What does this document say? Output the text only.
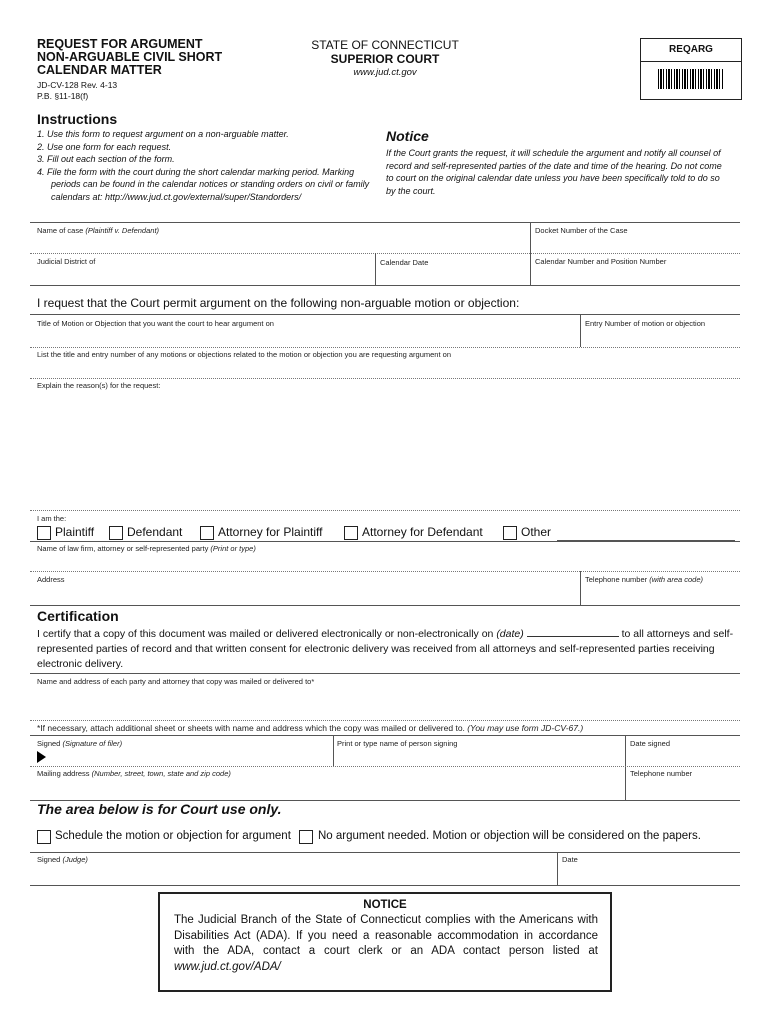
REQUEST FOR ARGUMENT
NON-ARGUABLE CIVIL SHORT
CALENDAR MATTER
JD-CV-128 Rev. 4-13
P.B. §11-18(f)
STATE OF CONNECTICUT
SUPERIOR COURT
www.jud.ct.gov
REQARG
Instructions
1. Use this form to request argument on a non-arguable matter.
2. Use one form for each request.
3. Fill out each section of the form.
4. File the form with the court during the short calendar marking period. Marking periods can be found in the calendar notices or standing orders on civil or family calendars at: http://www.jud.ct.gov/external/super/Standorders/
Notice
If the Court grants the request, it will schedule the argument and notify all counsel of record and self-represented parties of the date and time of the hearing. Do not come to court on the original calendar date unless you have been specifically told to do so by the court.
Name of case (Plaintiff v. Defendant)	Docket Number of the Case
Judicial District of	Calendar Date	Calendar Number and Position Number
I request that the Court permit argument on the following non-arguable motion or objection:
Title of Motion or Objection that you want the court to hear argument on	Entry Number of motion or objection
List the title and entry number of any motions or objections related to the motion or objection you are requesting argument on
Explain the reason(s) for the request:
I am the:
Plaintiff	Defendant	Attorney for Plaintiff	Attorney for Defendant	Other
Name of law firm, attorney or self-represented party (Print or type)
Address	Telephone number (with area code)
Certification
I certify that a copy of this document was mailed or delivered electronically or non-electronically on (date)	to all attorneys and self-represented parties of record and that written consent for electronic delivery was received from all attorneys and self-represented parties receiving electronic delivery.
Name and address of each party and attorney that copy was mailed or delivered to*
*If necessary, attach additional sheet or sheets with name and address which the copy was mailed or delivered to. (You may use form JD-CV-67.)
Signed (Signature of filer)	Print or type name of person signing	Date signed
Mailing address (Number, street, town, state and zip code)	Telephone number
The area below is for Court use only.
Schedule the motion or objection for argument No argument needed. Motion or objection will be considered on the papers.
Signed (Judge)	Date
NOTICE
The Judicial Branch of the State of Connecticut complies with the Americans with Disabilities Act (ADA). If you need a reasonable accommodation in accordance with the ADA, contact a court clerk or an ADA contact person listed at www.jud.ct.gov/ADA/
